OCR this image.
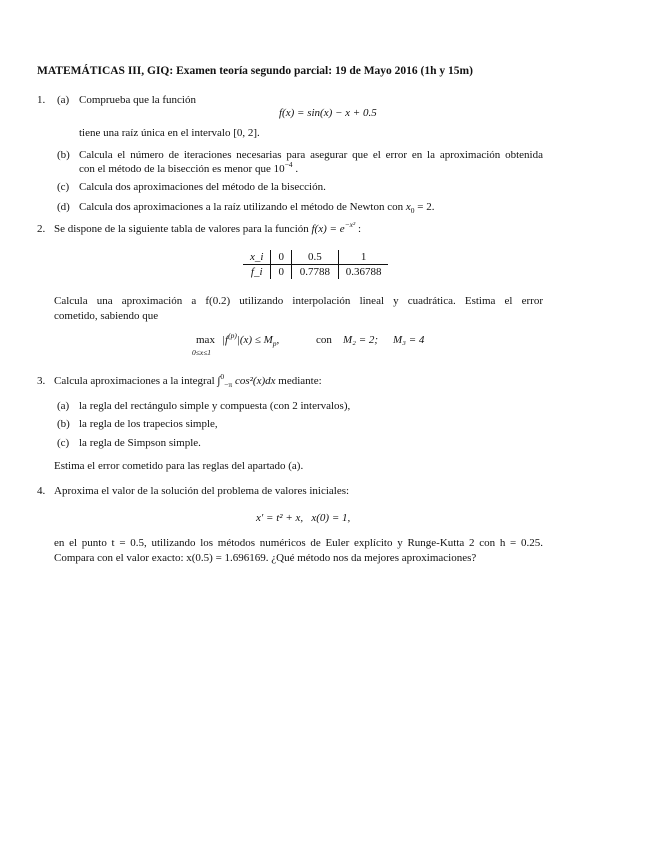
MATEMÁTICAS III, GIQ: Examen teoría segundo parcial: 19 de Mayo 2016 (1h y 15m)
1. (a) Comprueba que la función
f(x) = sin(x) − x + 0.5
tiene una raíz única en el intervalo [0, 2].
(b) Calcula el número de iteraciones necesarias para asegurar que el error en la aproximación obtenida
con el método de la bisección es menor que $10^{-4}$ .
(c) Calcula dos aproximaciones del método de la bisección.
(d) Calcula dos aproximaciones a la raíz utilizando el método de Newton con $x_0 = 2$.
2. Se dispone de la siguiente tabla de valores para la función $f(x) = e^{-x^2}$ :
x_i	0	0.5	1
f_i	0	0.7788	0.36788
Calcula una aproximación a f(0.2) utilizando interpolación lineal y cuadrática. Estima el error
cometido, sabiendo que
max
0≤x≤1
$|f^{(p)}|(x) \le M_p$,	con M₂ = 2; M₃ = 4
3. Calcula aproximaciones a la integral ∫$^0_{-\pi}$ cos²(x)dx mediante:
(a) la regla del rectángulo simple y compuesta (con 2 intervalos),
(b) la regla de los trapecios simple,
(c) la regla de Simpson simple.
Estima el error cometido para las reglas del apartado (a).
4. Aproxima el valor de la solución del problema de valores iniciales:
x′ = t² + x,   x(0) = 1,
en el punto t = 0.5, utilizando los métodos numéricos de Euler explícito y Runge-Kutta 2 con h = 0.25.
Compara con el valor exacto: x(0.5) = 1.696169. ¿Qué método nos da mejores aproximaciones?
